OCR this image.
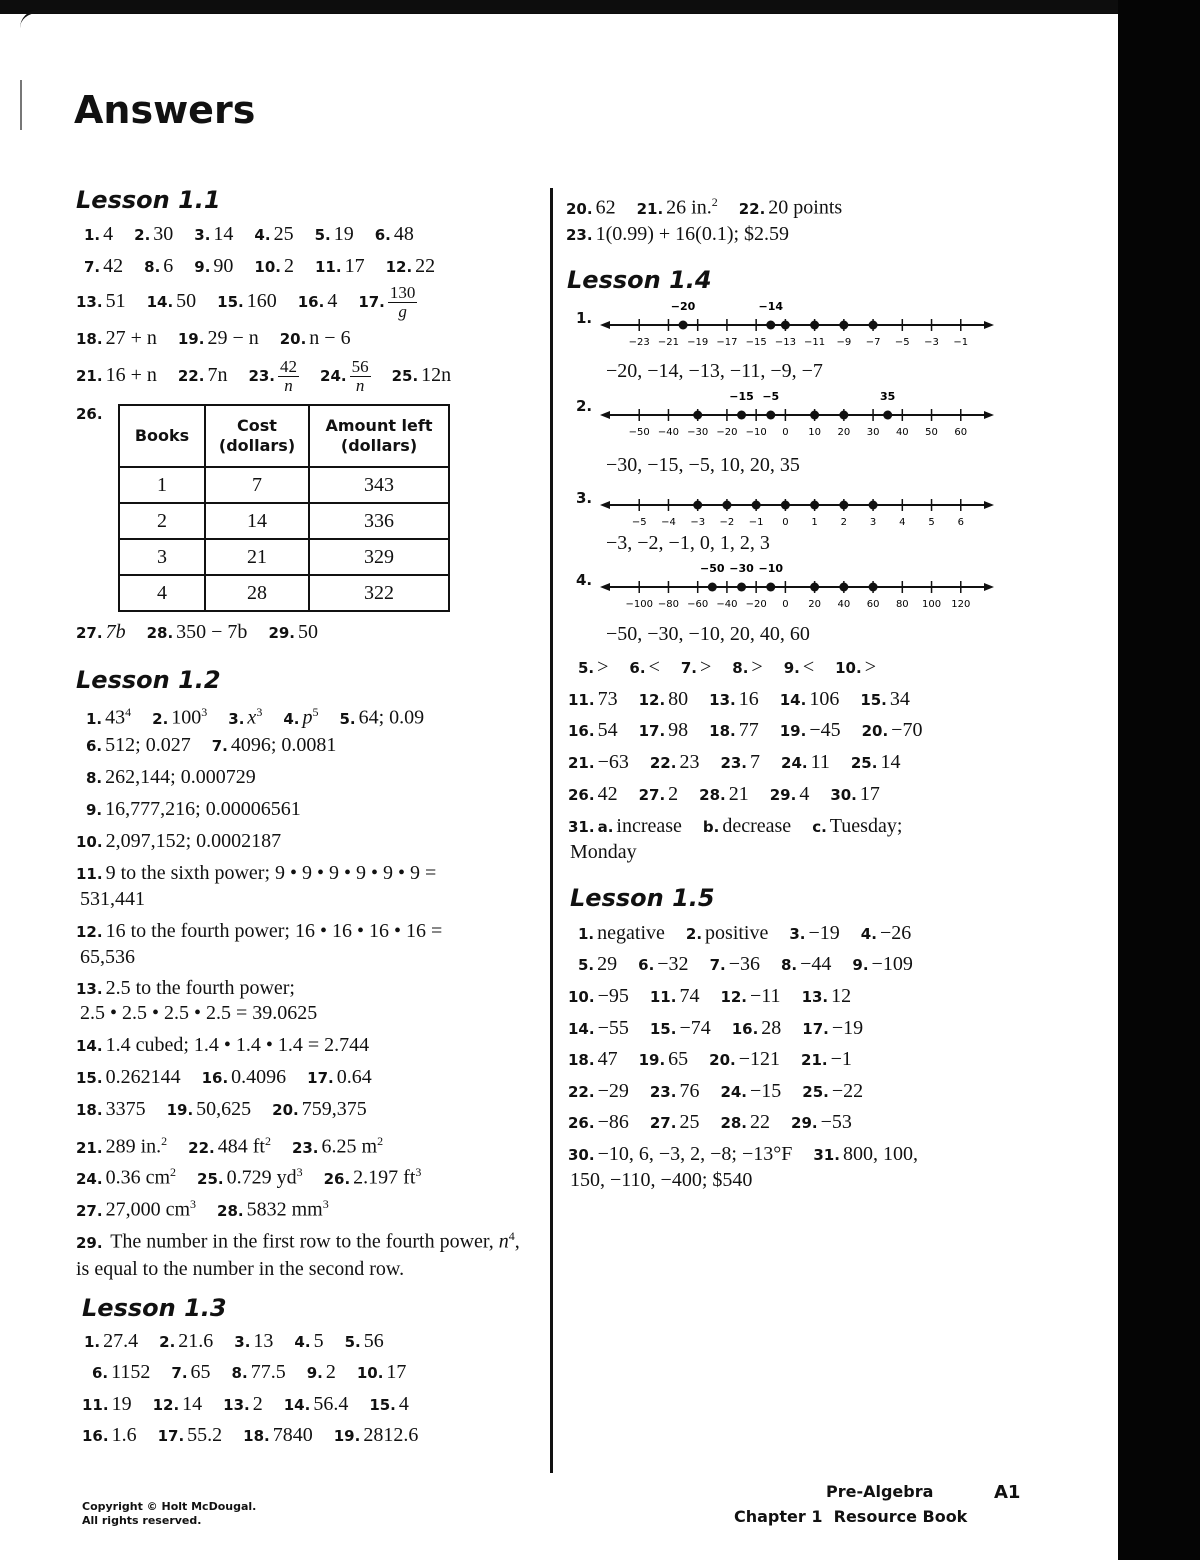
Answers
Lesson 1.1
1. 4 2. 30 3. 14 4. 25 5. 19 6. 48
7. 42 8. 6 9. 90 10. 2 11. 17 12. 22
13. 51 14. 50 15. 160 16. 4 17. $\frac{130}{g}$
18. 27 + n 19. 29 − n 20. n − 6
21. 16 + n 22. 7n 23. $\frac{42}{n} 24$. $\frac{56}{n} 25$. 12n
26.
Books	Cost (dollars)	Amount left (dollars)
1	7	343
2	14	336
3	21	329
4	28	322
27. 7b 28. 350 − 7b 29. 50
Lesson 1.2
1. $43^4$ 2. $100^3$ 3. $x^3$ 4. $p^5$ 5. 64; 0.09
6. 512; 0.027 7. 4096; 0.0081
8. 262,144; 0.000729
9. 16,777,216; 0.00006561
10. 2,097,152; 0.0002187
11. 9 to the sixth power; 9 • 9 • 9 • 9 • 9 • 9 =
531,441
12. 16 to the fourth power; 16 • 16 • 16 • 16 =
65,536
13. 2.5 to the fourth power;
2.5 • 2.5 • 2.5 • 2.5 = 39.0625
14. 1.4 cubed; 1.4 • 1.4 • 1.4 = 2.744
15. 0.262144 16. 0.4096 17. 0.64
18. 3375 19. 50,625 20. 759,375
21. 289 in.$^2$ 22. 484 $ft^2$ 23. 6.25 $m^2$
24. 0.36 $cm^2$ 25. 0.729 $yd^3$ 26. 2.197 $ft^3$
27. 27,000 $cm^3$ 28. 5832 $mm^3$
29. The number in the first row to the fourth power, $n^4$, is equal to the number in the second row.
Lesson 1.3
1. 27.4 2. 21.6 3. 13 4. 5 5. 56
6. 1152 7. 65 8. 77.5 9. 2 10. 17
11. 19 12. 14 13. 2 14. 56.4 15. 4
16. 1.6 17. 55.2 18. 7840 19. 2812.6
20. 62 21. 26 in.$^2$ 22. 20 points
23. 1(0.99) + 16(0.1); $2.59
Lesson 1.4
1.
−23 −21 −19 −17 −15 −13 −11 −9 −7 −5 −3 −1
−20	−14
−20, −14, −13, −11, −9, −7
2.
−50 −40 −30 −20 −10 0 10 20 30 40 50 60
−15 −5	35
−30, −15, −5, 10, 20, 35
3.
−5 −4 −3 −2 −1 0 1 2 3 4 5 6
−3, −2, −1, 0, 1, 2, 3
4.
−100 −80 −60 −40 −20 0 20 40 60 80 100 120
−50 −30 −10
−50, −30, −10, 20, 40, 60
5. > 6. < 7. > 8. > 9. < 10. >
11. 73 12. 80 13. 16 14. 106 15. 34
16. 54 17. 98 18. 77 19. −45 20. −70
21. −63 22. 23 23. 7 24. 11 25. 14
26. 42 27. 2 28. 21 29. 4 30. 17
31. a. increase b. decrease c. Tuesday;
Monday
Lesson 1.5
1. negative 2. positive 3. −19 4. −26
5. 29 6. −32 7. −36 8. −44 9. −109
10. −95 11. 74 12. −11 13. 12
14. −55 15. −74 16. 28 17. −19
18. 47 19. 65 20. −121 21. −1
22. −29 23. 76 24. −15 25. −22
26. −86 27. 25 28. 22 29. −53
30. −10, 6, −3, 2, −8; −13°F 31. 800, 100,
150, −110, −400; $540
Copyright © Holt McDougal.
All rights reserved.
Pre-Algebra	A1
Chapter 1 Resource Book
